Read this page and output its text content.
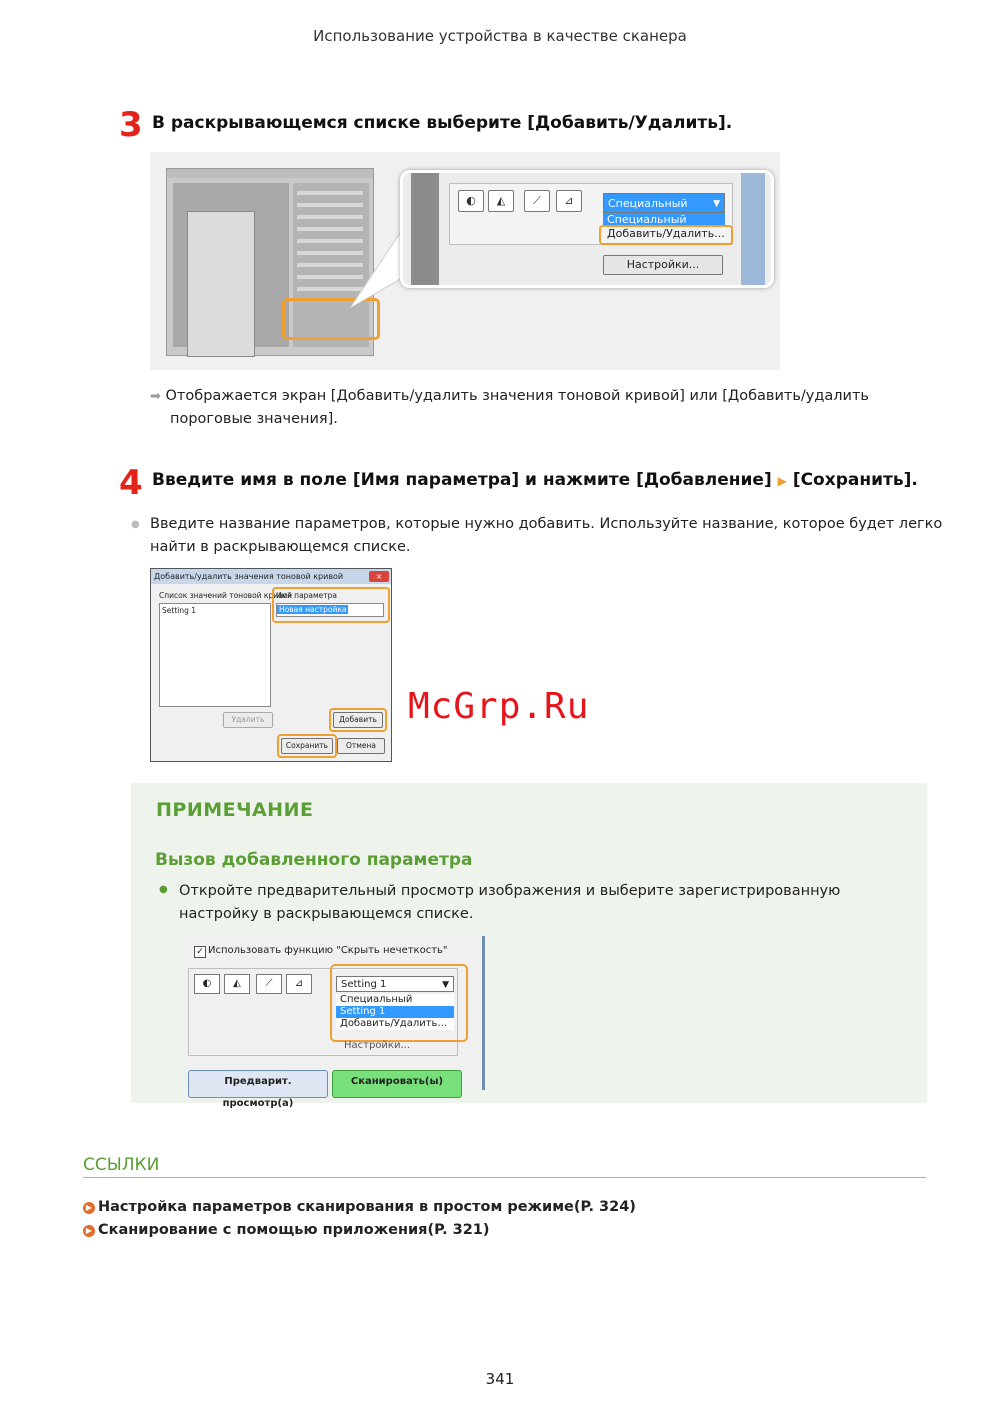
Использование устройства в качестве сканера
3 В раскрывающемся списке выберите [Добавить/Удалить].
◐	◭	⟋	⊿	Специальный	▼
Специальный
Добавить/Удалить...
Настройки...
➡ Отображается экран [Добавить/удалить значения тоновой кривой] или [Добавить/удалить
пороговые значения].
4 Введите имя в поле [Имя параметра] и нажмите [Добавление] ▶ [Сохранить].
● Введите название параметров, которые нужно добавить. Используйте название, которое будет легко
найти в раскрывающемся списке.
Добавить/удалить значения тоновой кривой	×
Список значений тоновой кривой
Setting 1
Имя параметра
Новая настройка
Удалить	Добавить
Сохранить	Отмена
McGrp.Ru
ПРИМЕЧАНИЕ
Вызов добавленного параметра
● Откройте предварительный просмотр изображения и выберите зарегистрированную
настройку в раскрывающемся списке.
✓ Использовать функцию "Скрыть нечеткость"
◐	◭	⟋	⊿	Setting 1	▼
Специальный
Setting 1
Добавить/Удалить...
Настройки...
Предварит. просмотр(а)
Сканировать(ы)
ССЫЛКИ
▶ Настройка параметров сканирования в простом режиме(P. 324)
▶ Сканирование с помощью приложения(P. 321)
341
